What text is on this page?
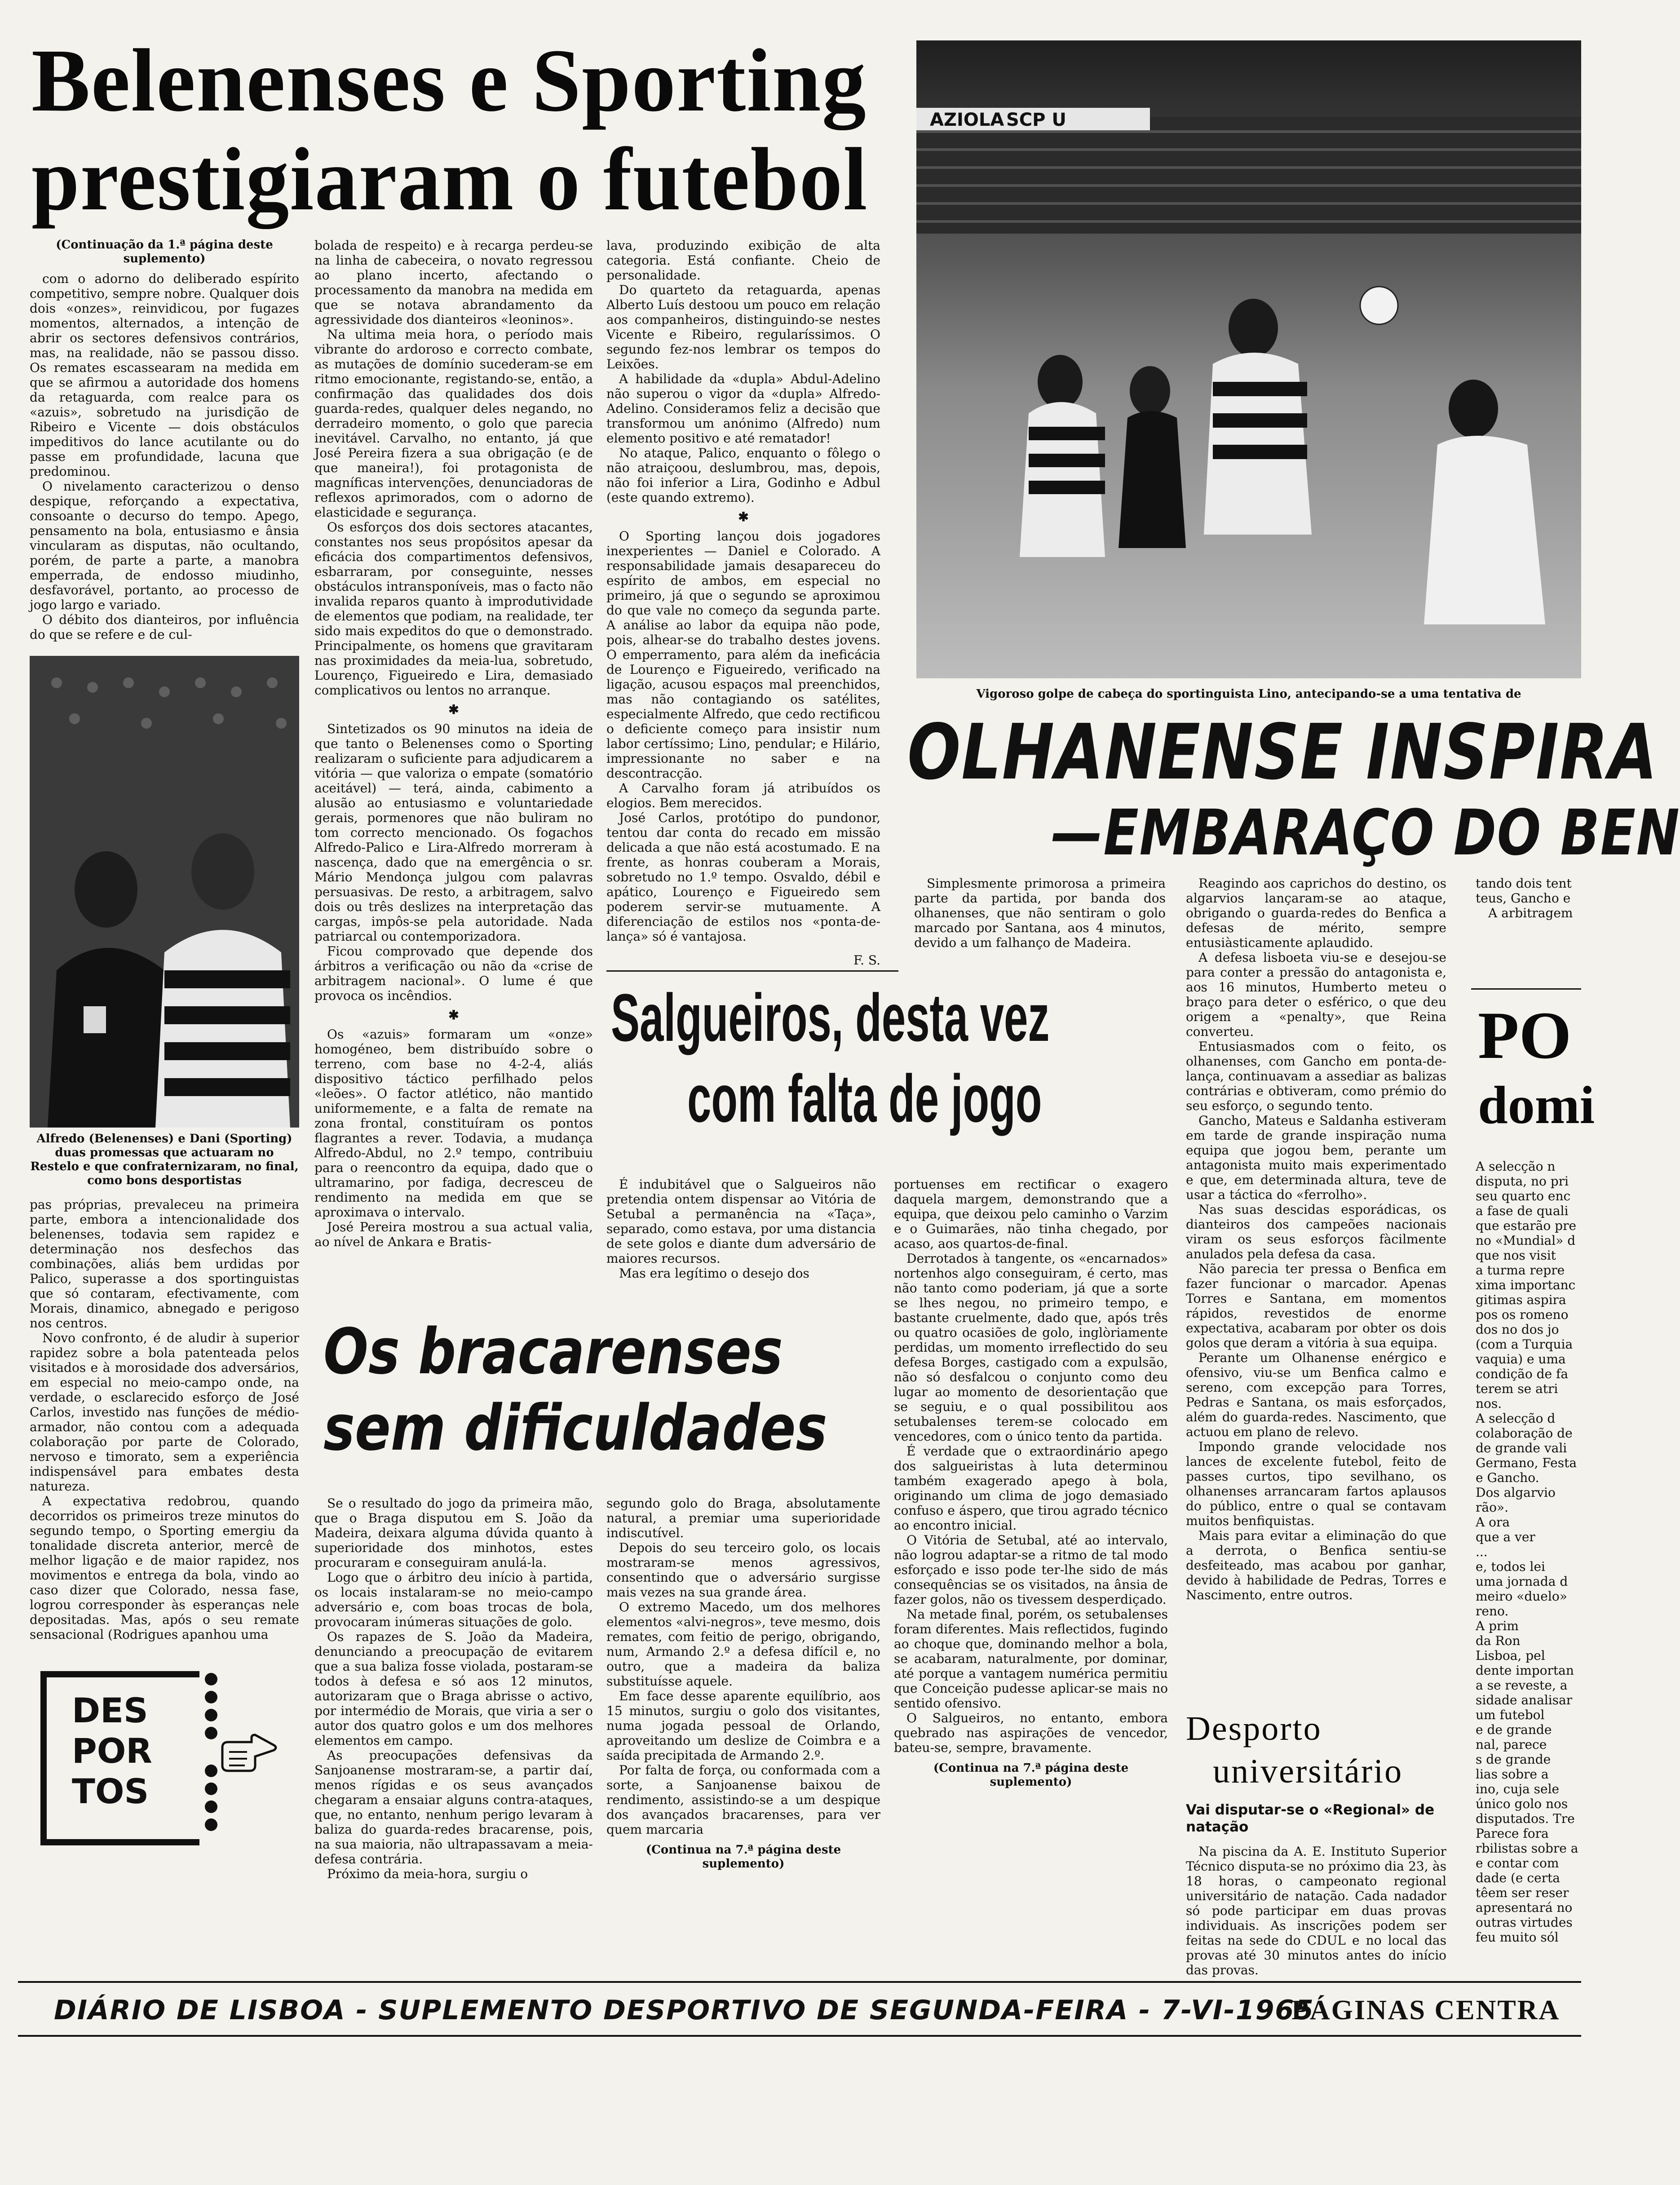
Belenenses e Sporting
prestigiaram o futebol
(Continuação da 1.ª página deste suplemento)

com o adorno do deliberado espírito competitivo, sempre nobre. Qualquer dois dois «onzes», reinvidicou, por fugazes momentos, alternados, a intenção de abrir os sectores defensivos contrários, mas, na realidade, não se passou disso. Os remates escassearam na medida em que se afirmou a autoridade dos homens da retaguarda, com realce para os «azuis», sobretudo na jurisdição de Ribeiro e Vicente — dois obstáculos impeditivos do lance acutilante ou do passe em profundidade, lacuna que predominou.

O nivelamento caracterizou o denso despique, reforçando a expectativa, consoante o decurso do tempo. Apego, pensamento na bola, entusiasmo e ânsia vincularam as disputas, não ocultando, porém, de parte a parte, a manobra emperrada, de endosso miudinho, desfavorável, portanto, ao processo de jogo largo e variado.

O débito dos dianteiros, por influência do que se refere e de cul-

Alfredo (Belenenses) e Dani (Sporting) duas promessas que actuaram no Restelo e que confraternizaram, no final, como bons desportistas

pas próprias, prevaleceu na primeira parte, embora a intencionalidade dos belenenses, todavia sem rapidez e determinação nos desfechos das combinações, aliás bem urdidas por Palico, superasse a dos sportinguistas que só contaram, efectivamente, com Morais, dinamico, abnegado e perigoso nos centros.

Novo confronto, é de aludir à superior rapidez sobre a bola patenteada pelos visitados e à morosidade dos adversários, em especial no meio-campo onde, na verdade, o esclarecido esforço de José Carlos, investido nas funções de médio-armador, não contou com a adequada colaboração por parte de Colorado, nervoso e timorato, sem a experiência indispensável para embates desta natureza.

A expectativa redobrou, quando decorridos os primeiros treze minutos do segundo tempo, o Sporting emergiu da tonalidade discreta anterior, mercê de melhor ligação e de maior rapidez, nos movimentos e entrega da bola, vindo ao caso dizer que Colorado, nessa fase, logrou corresponder às esperanças nele depositadas. Mas, após o seu remate sensacional (Rodrigues apanhou uma

bolada de respeito) e à recarga perdeu-se na linha de cabeceira, o novato regressou ao plano incerto, afectando o processamento da manobra na medida em que se notava abrandamento da agressividade dos dianteiros «leoninos».

Na ultima meia hora, o período mais vibrante do ardoroso e correcto combate, as mutações de domínio sucederam-se em ritmo emocionante, registando-se, então, a confirmação das qualidades dos dois guarda-redes, qualquer deles negando, no derradeiro momento, o golo que parecia inevitável. Carvalho, no entanto, já que José Pereira fizera a sua obrigação (e de que maneira!), foi protagonista de magníficas intervenções, denunciadoras de reflexos aprimorados, com o adorno de elasticidade e segurança.

Os esforços dos dois sectores atacantes, constantes nos seus propósitos apesar da eficácia dos compartimentos defensivos, esbarraram, por conseguinte, nesses obstáculos intransponíveis, mas o facto não invalida reparos quanto à improdutividade de elementos que podiam, na realidade, ter sido mais expeditos do que o demonstrado. Principalmente, os homens que gravitaram nas proximidades da meia-lua, sobretudo, Lourenço, Figueiredo e Lira, demasiado complicativos ou lentos no arranque.

✱

Sintetizados os 90 minutos na ideia de que tanto o Belenenses como o Sporting realizaram o suficiente para adjudicarem a vitória — que valoriza o empate (somatório aceitável) — terá, ainda, cabimento a alusão ao entusiasmo e voluntariedade gerais, pormenores que não buliram no tom correcto mencionado. Os fogachos Alfredo-Palico e Lira-Alfredo morreram à nascença, dado que na emergência o sr. Mário Mendonça julgou com palavras persuasivas. De resto, a arbitragem, salvo dois ou três deslizes na interpretação das cargas, impôs-se pela autoridade. Nada patriarcal ou contemporizadora.

Ficou comprovado que depende dos árbitros a verificação ou não da «crise de arbitragem nacional». O lume é que provoca os incêndios.

✱

Os «azuis» formaram um «onze» homogéneo, bem distribuído sobre o terreno, com base no 4-2-4, aliás dispositivo táctico perfilhado pelos «leões». O factor atlético, não mantido uniformemente, e a falta de remate na zona frontal, constituíram os pontos flagrantes a rever. Todavia, a mudança Alfredo-Abdul, no 2.º tempo, contribuiu para o reencontro da equipa, dado que o ultramarino, por fadiga, decresceu de rendimento na medida em que se aproximava o intervalo.

José Pereira mostrou a sua actual valia, ao nível de Ankara e Bratis-

lava, produzindo exibição de alta categoria. Está confiante. Cheio de personalidade.

Do quarteto da retaguarda, apenas Alberto Luís destoou um pouco em relação aos companheiros, distinguindo-se nestes Vicente e Ribeiro, regularíssimos. O segundo fez-nos lembrar os tempos do Leixões.

A habilidade da «dupla» Abdul-Adelino não superou o vigor da «dupla» Alfredo-Adelino. Consideramos feliz a decisão que transformou um anónimo (Alfredo) num elemento positivo e até rematador!

No ataque, Palico, enquanto o fôlego o não atraiçoou, deslumbrou, mas, depois, não foi inferior a Lira, Godinho e Adbul (este quando extremo).

✱

O Sporting lançou dois jogadores inexperientes — Daniel e Colorado. A responsabilidade jamais desapareceu do espírito de ambos, em especial no primeiro, já que o segundo se aproximou do que vale no começo da segunda parte. A análise ao labor da equipa não pode, pois, alhear-se do trabalho destes jovens. O emperramento, para além da ineficácia de Lourenço e Figueiredo, verificado na ligação, acusou espaços mal preenchidos, mas não contagiando os satélites, especialmente Alfredo, que cedo rectificou o deficiente começo para insistir num labor certíssimo; Lino, pendular; e Hilário, impressionante no saber e na descontracção.

A Carvalho foram já atribuídos os elogios. Bem merecidos.

José Carlos, protótipo do pundonor, tentou dar conta do recado em missão delicada a que não está acostumado. E na frente, as honras couberam a Morais, sobretudo no 1.º tempo. Osvaldo, débil e apático, Lourenço e Figueiredo sem poderem servir-se mutuamente. A diferenciação de estilos nos «ponta-de-lança» só é vantajosa.

F. S.

AZIOLA SCP U
Vigoroso golpe de cabeça do sportinguista Lino, antecipando-se a uma tentativa de
OLHANENSE INSPIRA
—EMBARAÇO DO BEN

Simplesmente primorosa a primeira parte da partida, por banda dos olhanenses, que não sentiram o golo marcado por Santana, aos 4 minutos, devido a um falhanço de Madeira.

Reagindo aos caprichos do destino, os algarvios lançaram-se ao ataque, obrigando o guarda-redes do Benfica a defesas de mérito, sempre entusiàsticamente aplaudido.

A defesa lisboeta viu-se e desejou-se para conter a pressão do antagonista e, aos 16 minutos, Humberto meteu o braço para deter o esférico, o que deu origem a «penalty», que Reina converteu.

Entusiasmados com o feito, os olhanenses, com Gancho em ponta-de-lança, continuavam a assediar as balizas contrárias e obtiveram, como prémio do seu esforço, o segundo tento.

Gancho, Mateus e Saldanha estiveram em tarde de grande inspiração numa equipa que jogou bem, perante um antagonista muito mais experimentado e que, em determinada altura, teve de usar a táctica do «ferrolho».

Nas suas descidas esporádicas, os dianteiros dos campeões nacionais viram os seus esforços fàcilmente anulados pela defesa da casa.

Não parecia ter pressa o Benfica em fazer funcionar o marcador. Apenas Torres e Santana, em momentos rápidos, revestidos de enorme expectativa, acabaram por obter os dois golos que deram a vitória à sua equipa.

Perante um Olhanense enérgico e ofensivo, viu-se um Benfica calmo e sereno, com excepção para Torres, Pedras e Santana, os mais esforçados, além do guarda-redes. Nascimento, que actuou em plano de relevo.

Impondo grande velocidade nos lances de excelente futebol, feito de passes curtos, tipo sevilhano, os olhanenses arrancaram fartos aplausos do público, entre o qual se contavam muitos benfiquistas.

Mais para evitar a eliminação do que a derrota, o Benfica sentiu-se desfeiteado, mas acabou por ganhar, devido à habilidade de Pedras, Torres e Nascimento, entre outros.

tando dois tent
teus, Gancho e
A arbitragem
Salgueiros, desta vez
com falta de jogo

É indubitável que o Salgueiros não pretendia ontem dispensar ao Vitória de Setubal a permanência na «Taça», separado, como estava, por uma distancia de sete golos e diante dum adversário de maiores recursos.

Mas era legítimo o desejo dos

portuenses em rectificar o exagero daquela margem, demonstrando que a equipa, que deixou pelo caminho o Varzim e o Guimarães, não tinha chegado, por acaso, aos quartos-de-final.

Derrotados à tangente, os «encarnados» nortenhos algo conseguiram, é certo, mas não tanto como poderiam, já que a sorte se lhes negou, no primeiro tempo, e bastante cruelmente, dado que, após três ou quatro ocasiões de golo, inglòriamente perdidas, um momento irreflectido do seu defesa Borges, castigado com a expulsão, não só desfalcou o conjunto como deu lugar ao momento de desorientação que se seguiu, e o qual possibilitou aos setubalenses terem-se colocado em vencedores, com o único tento da partida.

É verdade que o extraordinário apego dos salgueiristas à luta determinou também exagerado apego à bola, originando um clima de jogo demasiado confuso e áspero, que tirou agrado técnico ao encontro inicial.

O Vitória de Setubal, até ao intervalo, não logrou adaptar-se a ritmo de tal modo esforçado e isso pode ter-lhe sido de más consequências se os visitados, na ânsia de fazer golos, não os tivessem desperdiçado.

Na metade final, porém, os setubalenses foram diferentes. Mais reflectidos, fugindo ao choque que, dominando melhor a bola, se acabaram, naturalmente, por dominar, até porque a vantagem numérica permitiu que Conceição pudesse aplicar-se mais no sentido ofensivo.

O Salgueiros, no entanto, embora quebrado nas aspirações de vencedor, bateu-se, sempre, bravamente.

(Continua na 7.ª página deste suplemento)
Os bracarenses
sem dificuldades

Se o resultado do jogo da primeira mão, que o Braga disputou em S. João da Madeira, deixara alguma dúvida quanto à superioridade dos minhotos, estes procuraram e conseguiram anulá-la.

Logo que o árbitro deu início à partida, os locais instalaram-se no meio-campo adversário e, com boas trocas de bola, provocaram inúmeras situações de golo.

Os rapazes de S. João da Madeira, denunciando a preocupação de evitarem que a sua baliza fosse violada, postaram-se todos à defesa e só aos 12 minutos, autorizaram que o Braga abrisse o activo, por intermédio de Morais, que viria a ser o autor dos quatro golos e um dos melhores elementos em campo.

As preocupações defensivas da Sanjoanense mostraram-se, a partir daí, menos rígidas e os seus avançados chegaram a ensaiar alguns contra-ataques, que, no entanto, nenhum perigo levaram à baliza do guarda-redes bracarense, pois, na sua maioria, não ultrapassavam a meia-defesa contrária.

Próximo da meia-hora, surgiu o

segundo golo do Braga, absolutamente natural, a premiar uma superioridade indiscutível.

Depois do seu terceiro golo, os locais mostraram-se menos agressivos, consentindo que o adversário surgisse mais vezes na sua grande área.

O extremo Macedo, um dos melhores elementos «alvi-negros», teve mesmo, dois remates, com feitio de perigo, obrigando, num, Armando 2.º a defesa difícil e, no outro, que a madeira da baliza substituísse aquele.

Em face desse aparente equilíbrio, aos 15 minutos, surgiu o golo dos visitantes, numa jogada pessoal de Orlando, aproveitando um deslize de Coimbra e a saída precipitada de Armando 2.º.

Por falta de força, ou conformada com a sorte, a Sanjoanense baixou de rendimento, assistindo-se a um despique dos avançados bracarenses, para ver quem marcaria

(Continua na 7.ª página deste suplemento)
DES
POR
TOS
Desporto
universitário
Vai disputar-se o «Regional» de natação

Na piscina da A. E. Instituto Superior Técnico disputa-se no próximo dia 23, às 18 horas, o campeonato regional universitário de natação. Cada nadador só pode participar em duas provas individuais. As inscrições podem ser feitas na sede do CDUL e no local das provas até 30 minutos antes do início das provas.

PO
domi
A selecção n
disputa, no pri
seu quarto enc
a fase de quali
que estarão pre
no «Mundial» d
que nos visit
a turma repre
xima importanc
gitimas aspira
pos os romeno
dos no dos jo
(com a Turquia
vaquia) e uma
condição de fa
terem se atri
nos.
A selecção d
colaboração de
de grande vali
Germano, Festa
e Gancho.
Dos algarvio
rão».
A ora
que a ver
...
e, todos lei
uma jornada d
meiro «duelo»
reno.
A prim
da Ron
Lisboa, pel
dente importan
a se reveste, a
sidade analisar
um futebol
e de grande
nal, parece
s de grande
lias sobre a
ino, cuja sele
único golo nos
disputados. Tre
Parece fora
rbilistas sobre a
e contar com
dade (e certa
têem ser reser
apresentará no
outras virtudes
feu muito sól
DIÁRIO DE LISBOA - SUPLEMENTO DESPORTIVO DE SEGUNDA-FEIRA - 7-VI-1965
PÁGINAS CENTRA
